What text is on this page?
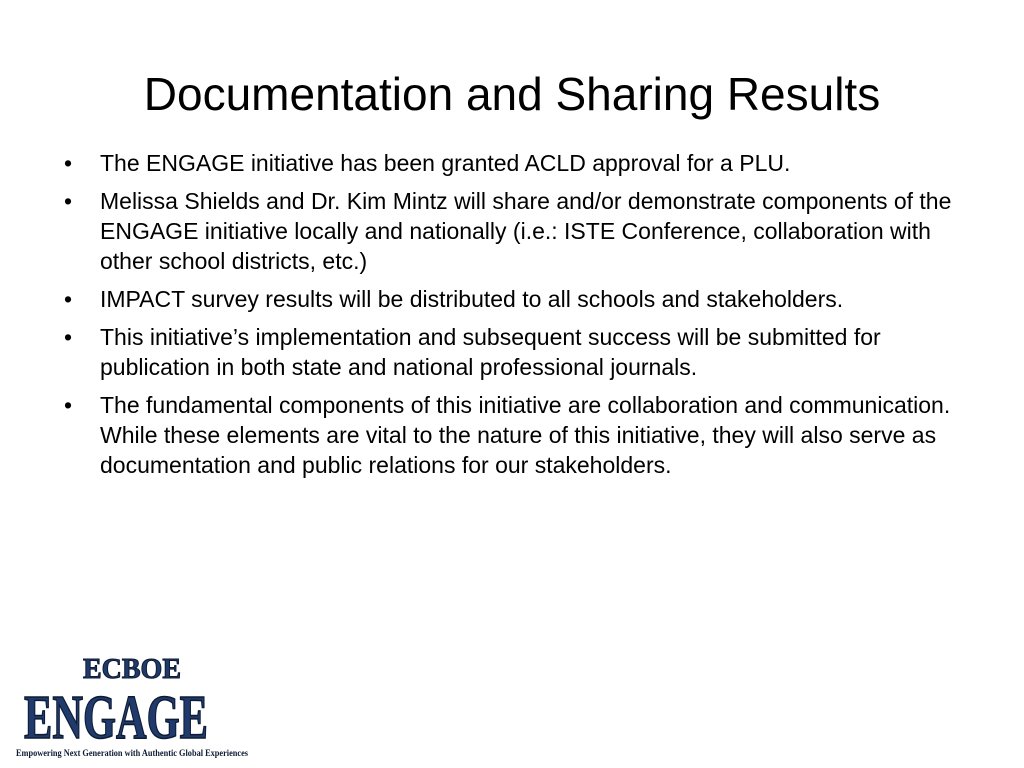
Documentation and Sharing Results
• The ENGAGE initiative has been granted ACLD approval for a PLU.
• Melissa Shields and Dr. Kim Mintz will share and/or demonstrate components of the ENGAGE initiative locally and nationally (i.e.: ISTE Conference, collaboration with other school districts, etc.)
• IMPACT survey results will be distributed to all schools and stakeholders.
• This initiative’s implementation and subsequent success will be submitted for publication in both state and national professional journals.
• The fundamental components of this initiative are collaboration and communication. While these elements are vital to the nature of this initiative, they will also serve as documentation and public relations for our stakeholders.
ECBOE
ENGAGE
Empowering Next Generation with Authentic Global Experiences
